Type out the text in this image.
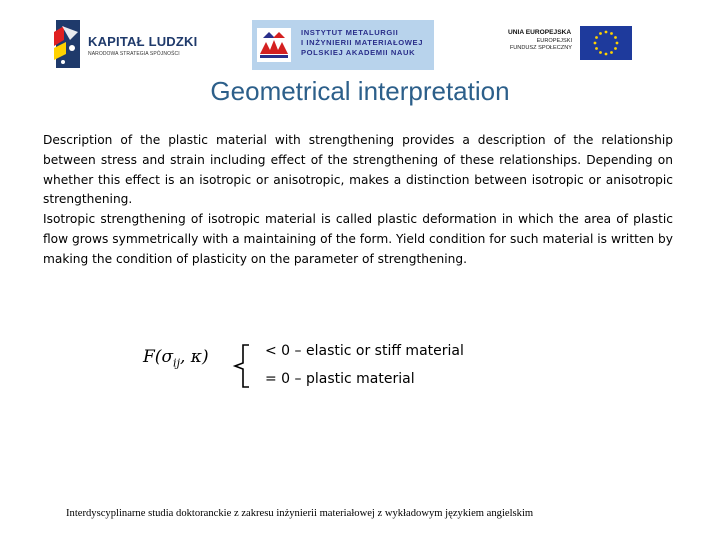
KAPITAŁ LUDZKI
NARODOWA STRATEGIA SPÓJNOŚCI
INSTYTUT METALURGII
I INŻYNIERII MATERIAŁOWEJ
POLSKIEJ AKADEMII NAUK
UNIA EUROPEJSKA
EUROPEJSKI
FUNDUSZ SPOŁECZNY
Geometrical interpretation

Description of the plastic material with strengthening provides a description of the relationship between stress and strain including effect of the strengthening of these relationships. Depending on whether this effect is an isotropic or anisotropic, makes a distinction between isotropic or anisotropic strengthening.

Isotropic strengthening of isotropic material is called plastic deformation in which the area of plastic flow grows symmetrically with a maintaining of the form. Yield condition for such material is written by making the condition of plasticity on the parameter of strengthening.

$F(\sigma_{ij}$, κ)	< 0 – elastic or stiff material
= 0 – plastic material
Interdyscyplinarne studia doktoranckie z zakresu inżynierii materiałowej z wykładowym językiem angielskim
